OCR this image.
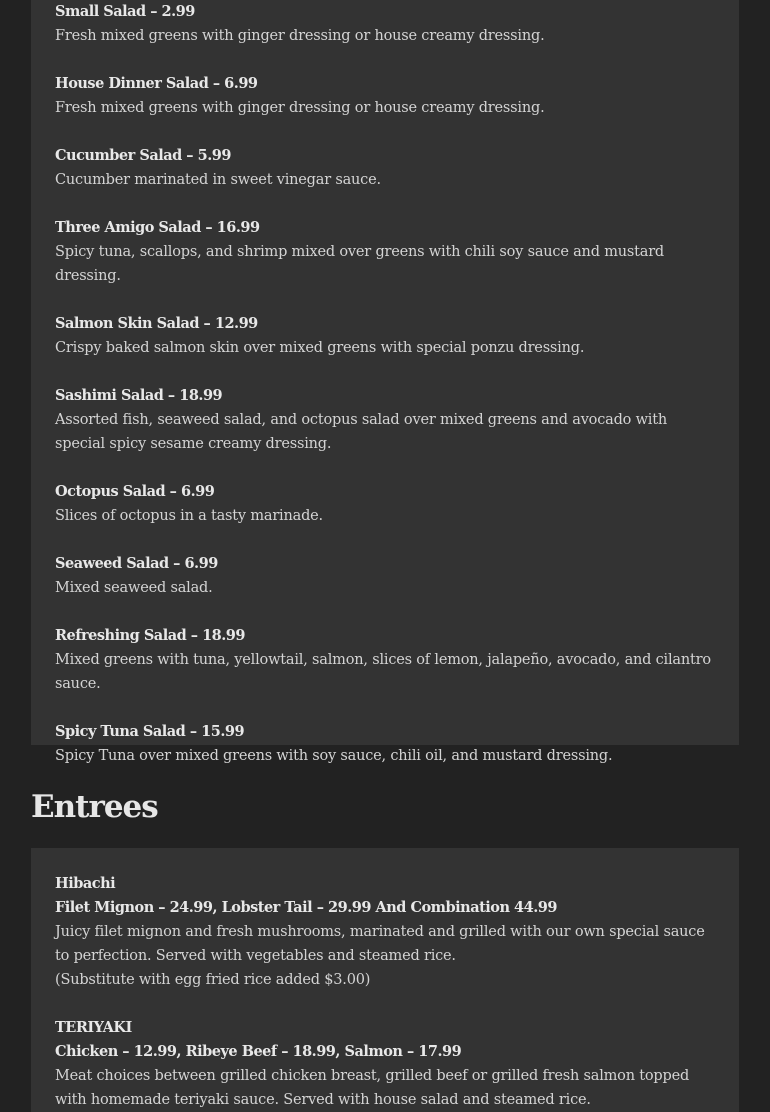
Small Salad – 2.99
Fresh mixed greens with ginger dressing or house creamy dressing.
House Dinner Salad – 6.99
Fresh mixed greens with ginger dressing or house creamy dressing.
Cucumber Salad – 5.99
Cucumber marinated in sweet vinegar sauce.
Three Amigo Salad – 16.99
Spicy tuna, scallops, and shrimp mixed over greens with chili soy sauce and mustard dressing.
Salmon Skin Salad – 12.99
Crispy baked salmon skin over mixed greens with special ponzu dressing.
Sashimi Salad – 18.99
Assorted fish, seaweed salad, and octopus salad over mixed greens and avocado with special spicy sesame creamy dressing.
Octopus Salad – 6.99
Slices of octopus in a tasty marinade.
Seaweed Salad – 6.99
Mixed seaweed salad.
Refreshing Salad – 18.99
Mixed greens with tuna, yellowtail, salmon, slices of lemon, jalapeño, avocado, and cilantro sauce.
Spicy Tuna Salad – 15.99
Spicy Tuna over mixed greens with soy sauce, chili oil, and mustard dressing.
Entrees
Hibachi
Filet Mignon – 24.99, Lobster Tail – 29.99 And Combination 44.99
Juicy filet mignon and fresh mushrooms, marinated and grilled with our own special sauce to perfection. Served with vegetables and steamed rice.
(Substitute with egg fried rice added $3.00)
TERIYAKI
Chicken – 12.99, Ribeye Beef – 18.99, Salmon – 17.99
Meat choices between grilled chicken breast, grilled beef or grilled fresh salmon topped with homemade teriyaki sauce. Served with house salad and steamed rice.
